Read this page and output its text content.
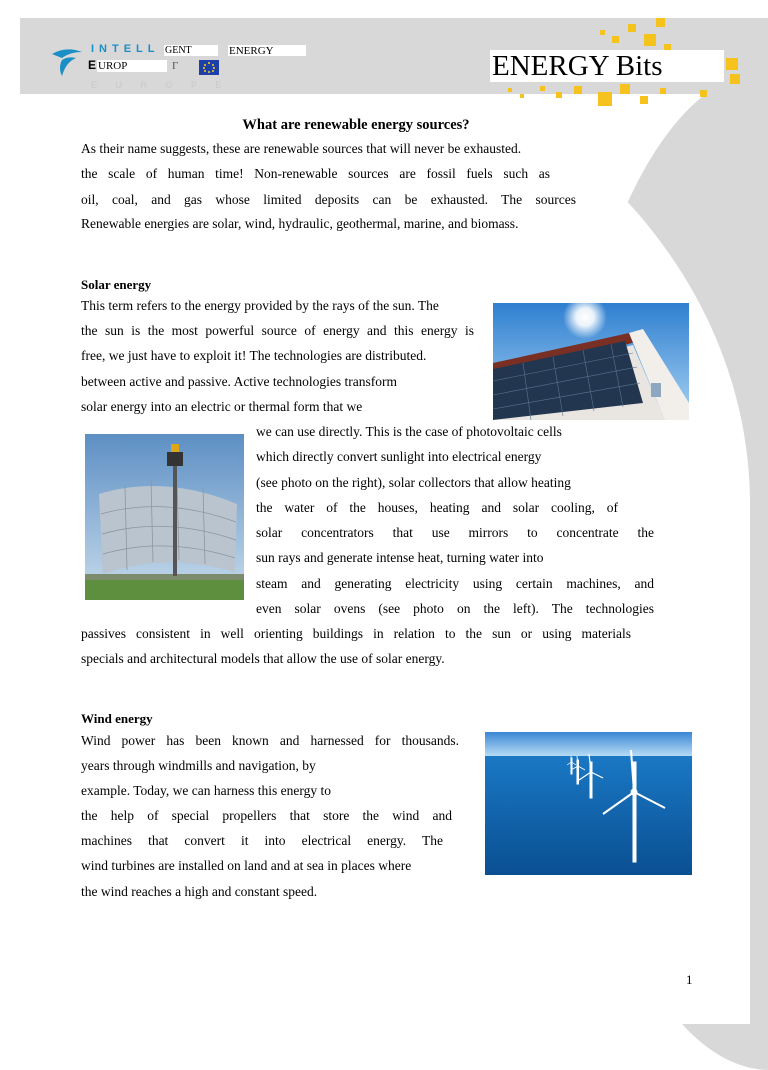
INTELL GENT	ENERGY
E UROP	Г
E U R O P E
ENERGY Bits
What are renewable energy sources?
As their name suggests, these are renewable sources that will never be exhausted.
the scale of human time! Non-renewable sources are fossil fuels such as
oil, coal, and gas whose limited deposits can be exhausted. The sources
Renewable energies are solar, wind, hydraulic, geothermal, marine, and biomass.
Solar energy
This term refers to the energy provided by the rays of the sun. The
the sun is the most powerful source of energy and this energy is
free, we just have to exploit it! The technologies are distributed.
between active and passive. Active technologies transform
solar energy into an electric or thermal form that we
we can use directly. This is the case of photovoltaic cells
which directly convert sunlight into electrical energy
(see photo on the right), solar collectors that allow heating
the water of the houses, heating and solar cooling, of
solar concentrators that use mirrors to concentrate the
sun rays and generate intense heat, turning water into
steam and generating electricity using certain machines, and
even solar ovens (see photo on the left). The technologies
passives consistent in well orienting buildings in relation to the sun or using materials
specials and architectural models that allow the use of solar energy.
Wind energy
Wind power has been known and harnessed for thousands.
years through windmills and navigation, by
example. Today, we can harness this energy to
the help of special propellers that store the wind and
machines that convert it into electrical energy. The
wind turbines are installed on land and at sea in places where
the wind reaches a high and constant speed.
1
